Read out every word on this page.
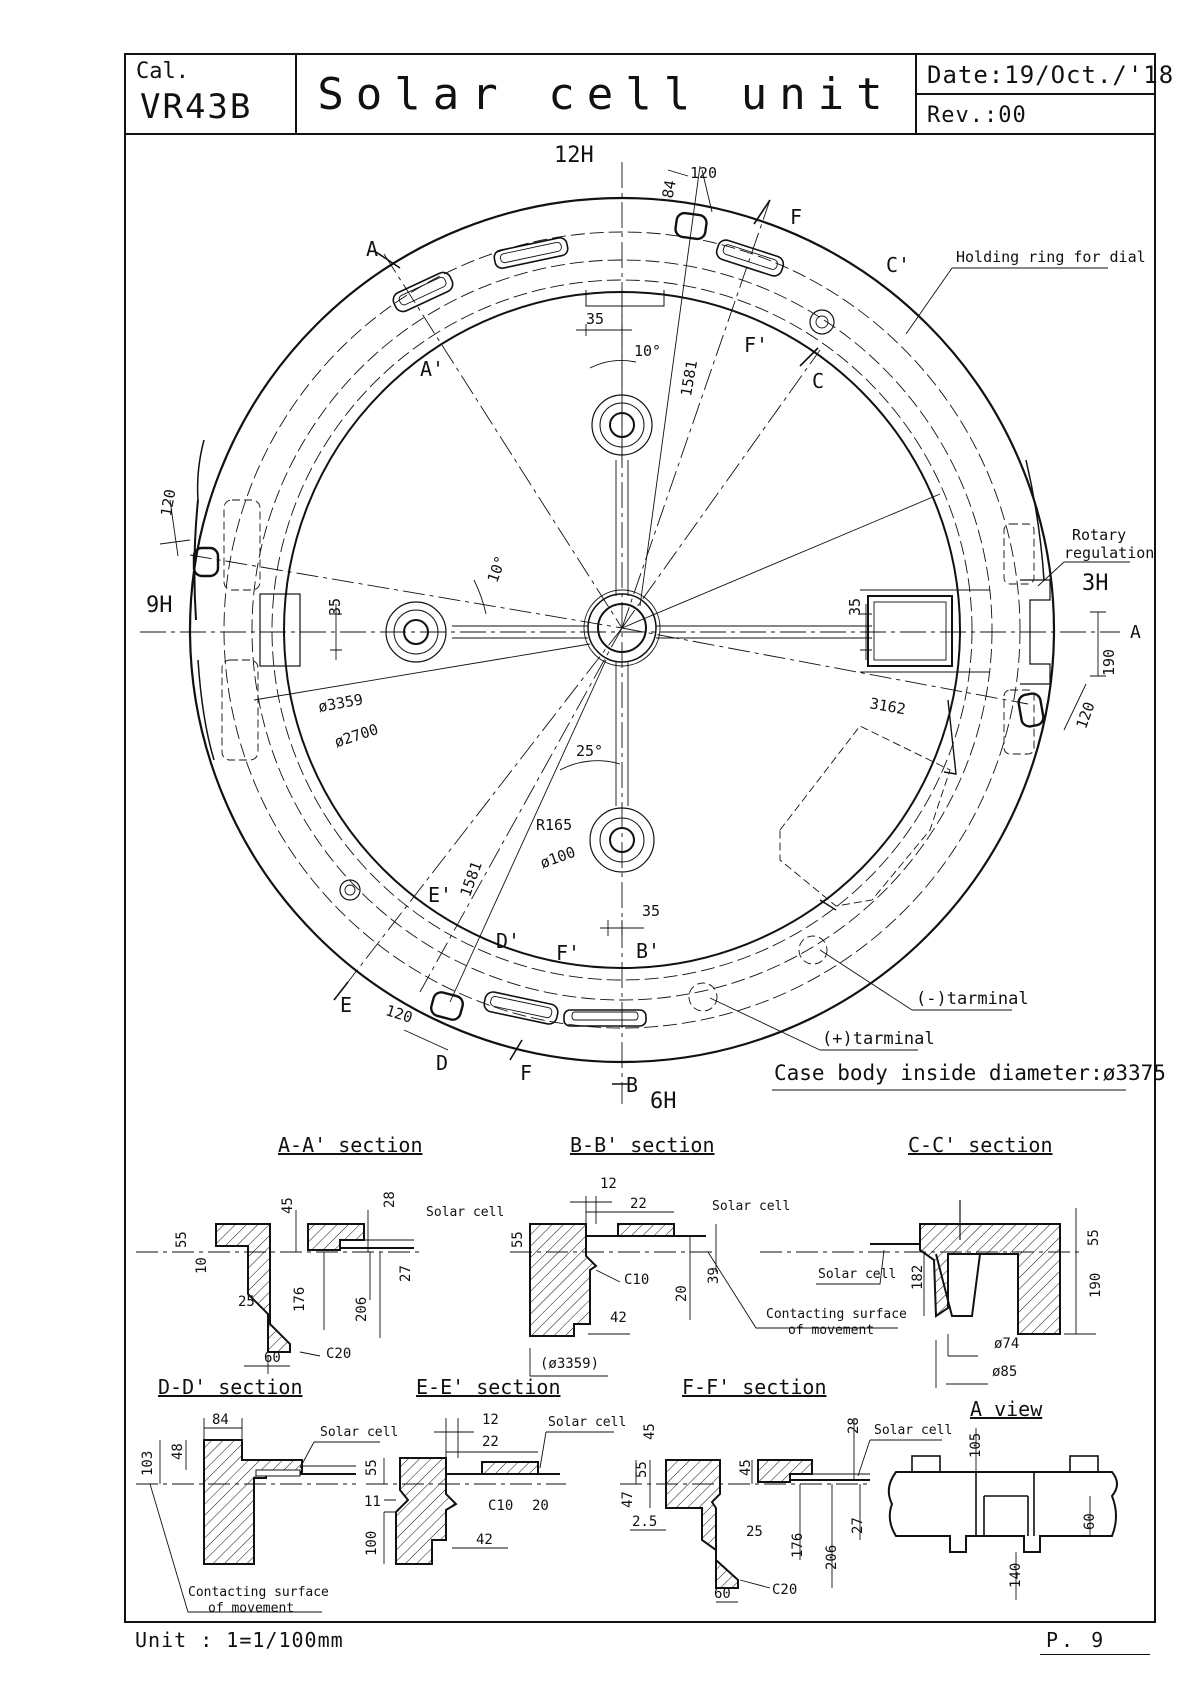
Cal.
VR43B Solar cell unit Date:19/Oct./'18
Rev.:00
12H
3H
6H
9H
A
A'
B
B'
C
C'
D
D'
E
E'
F
F'
F
F'
Holding ring for dial
Rotary
regulation
(-)tarminal
(+)tarminal
Case body inside diameter:ø3375
84
120
35
10°
1581
120
10°
35	35
190
120
ø3359
ø2700
3162
25°
R165
ø100
1581
35
120
A
A-A' section
55
10
45	28
Solar cell
176	206
27
25
60	C20
B-B' section
12
22	Solar cell
55
C10
20
39
42
(ø3359)
Contacting surface
of movement
C-C' section
55
Solar cell 182	190
ø74
ø85
D-D' section
84
Solar cell
103 48
Contacting surface
of movement
E-E' section
12
22
Solar cell
55
11	C10 20
100	42
F-F' section
45	28 Solar cell
47
55	45
2.5
25
176 206
27
60	C20
A view
105
60
140
Unit : 1=1/100mm	P. 9
